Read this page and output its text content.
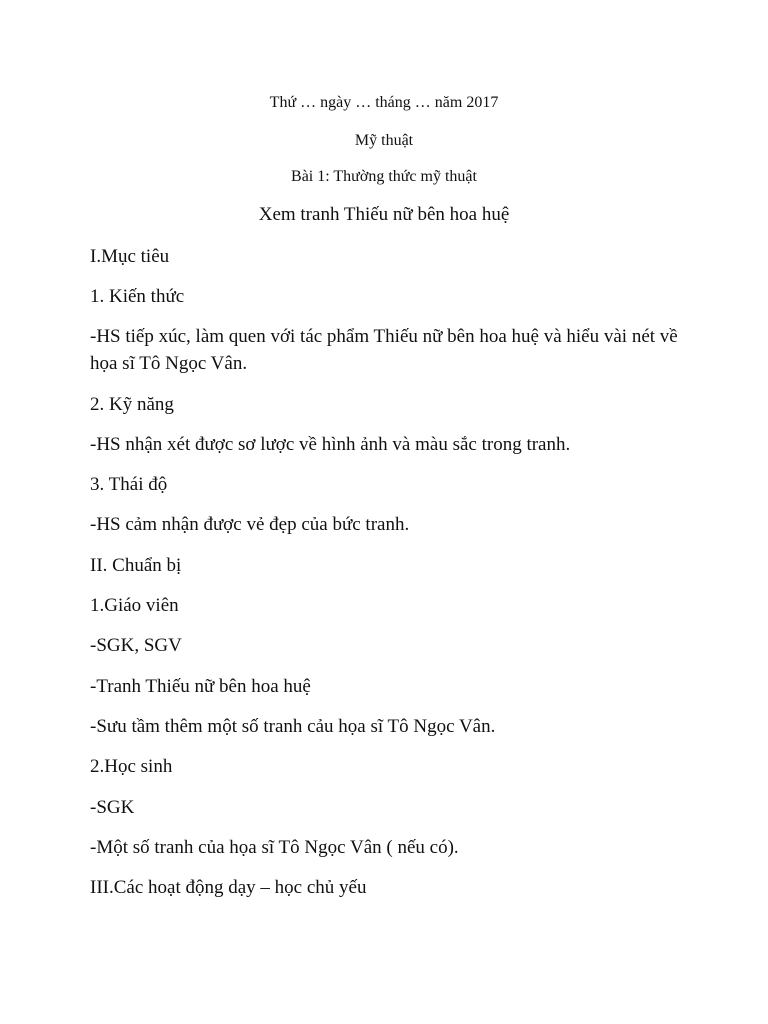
Thứ … ngày … tháng … năm 2017
Mỹ thuật
Bài 1: Thường thức mỹ thuật
Xem tranh Thiếu nữ bên hoa huệ
I.Mục tiêu
1. Kiến thức
-HS tiếp xúc, làm quen với tác phẩm Thiếu nữ bên hoa huệ và hiểu vài nét về họa sĩ Tô Ngọc Vân.
2. Kỹ năng
-HS nhận xét được sơ lược về hình ảnh và màu sắc trong tranh.
3. Thái độ
-HS cảm nhận được vẻ đẹp của bức tranh.
II. Chuẩn bị
1.Giáo viên
-SGK, SGV
-Tranh Thiếu nữ bên hoa huệ
-Sưu tầm thêm một số tranh cảu họa sĩ Tô Ngọc Vân.
2.Học sinh
-SGK
-Một số tranh của họa sĩ Tô Ngọc Vân ( nếu có).
III.Các hoạt động dạy – học chủ yếu
